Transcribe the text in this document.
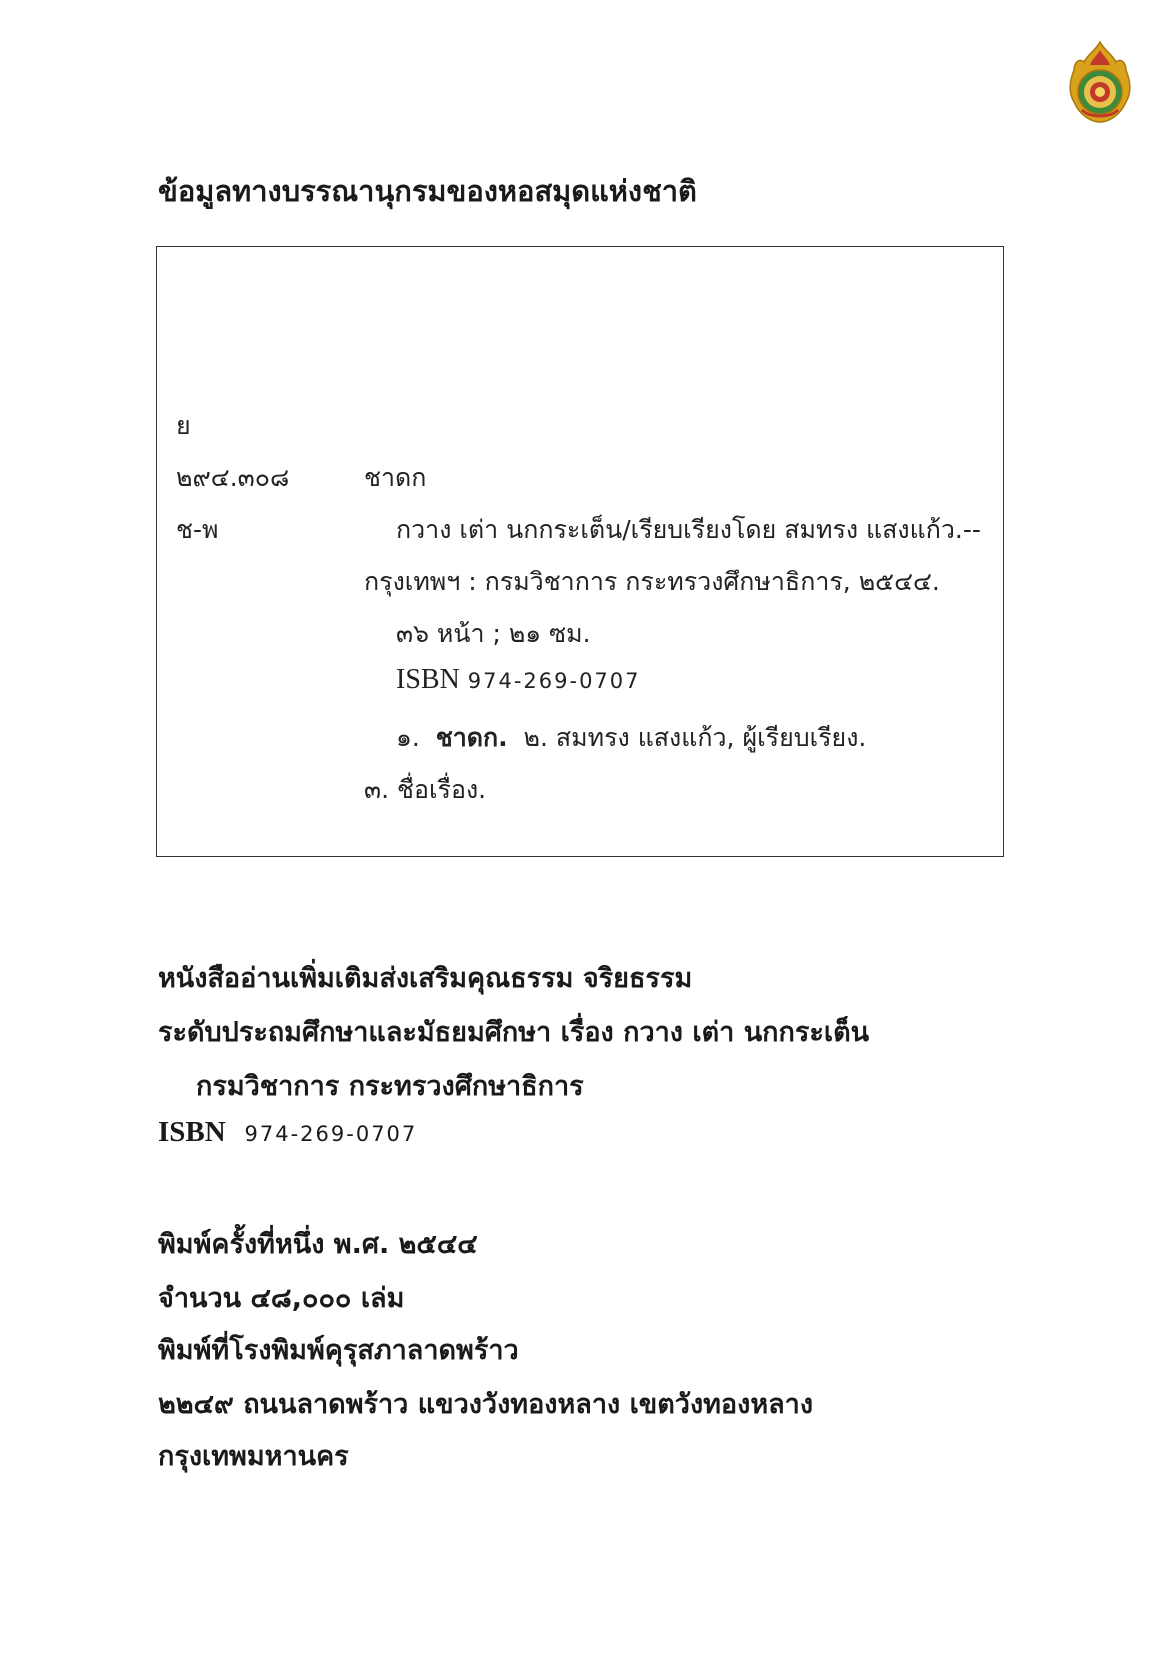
ข้อมูลทางบรรณานุกรมของหอสมุดแห่งชาติ
ย
๒๙๔.๓๐๘	ชาดก
ช-พ	กวาง เต่า นกกระเต็น/เรียบเรียงโดย สมทรง แสงแก้ว.--
กรุงเทพฯ : กรมวิชาการ กระทรวงศึกษาธิการ, ๒๕๔๔.
๓๖ หน้า ; ๒๑ ซม.
ISBN 974-269-0707
๑. ชาดก. ๒. สมทรง แสงแก้ว, ผู้เรียบเรียง.
๓. ชื่อเรื่อง.
หนังสืออ่านเพิ่มเติมส่งเสริมคุณธรรม จริยธรรม
ระดับประถมศึกษาและมัธยมศึกษา เรื่อง กวาง เต่า นกกระเต็น
กรมวิชาการ กระทรวงศึกษาธิการ
ISBN 974-269-0707
พิมพ์ครั้งที่หนึ่ง พ.ศ. ๒๕๔๔
จำนวน ๔๘,๐๐๐ เล่ม
พิมพ์ที่โรงพิมพ์คุรุสภาลาดพร้าว
๒๒๔๙ ถนนลาดพร้าว แขวงวังทองหลาง เขตวังทองหลาง
กรุงเทพมหานคร
